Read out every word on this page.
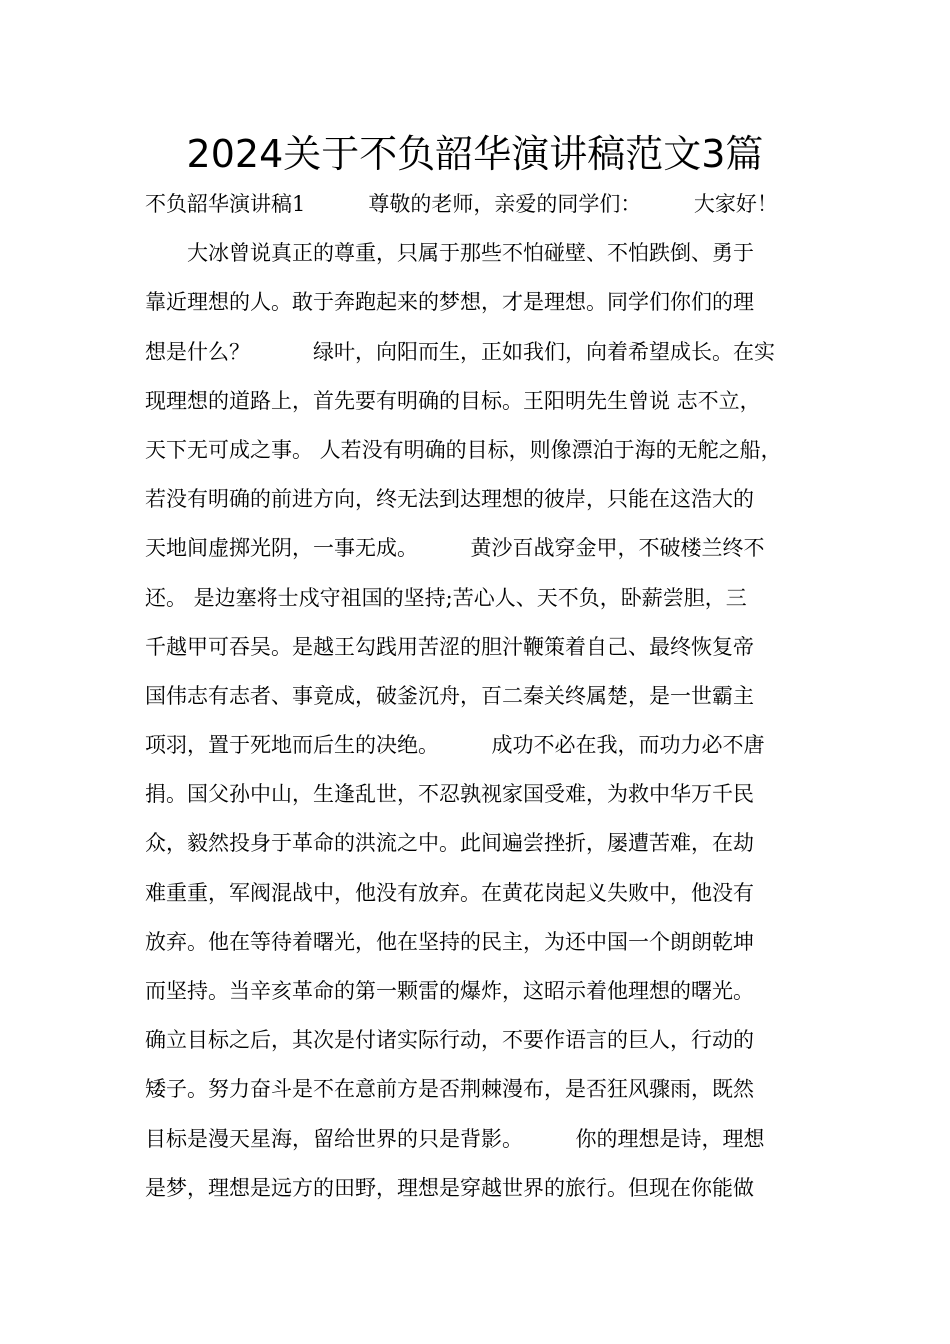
2024关于不负韶华演讲稿范文3篇
不负韶华演讲稿1　　　尊敬的老师，亲爱的同学们：　　　大家好！
　　大冰曾说真正的尊重，只属于那些不怕碰壁、不怕跌倒、勇于
靠近理想的人。敢于奔跑起来的梦想，才是理想。同学们你们的理
想是什么？　　　绿叶，向阳而生，正如我们，向着希望成长。在实
现理想的道路上，首先要有明确的目标。王阳明先生曾说 志不立，
天下无可成之事。 人若没有明确的目标，则像漂泊于海的无舵之船，
若没有明确的前进方向，终无法到达理想的彼岸，只能在这浩大的
天地间虚掷光阴，一事无成。　　　黄沙百战穿金甲，不破楼兰终不
还。 是边塞将士戍守祖国的坚持;苦心人、天不负，卧薪尝胆，三
千越甲可吞吴。是越王勾践用苦涩的胆汁鞭策着自己、最终恢复帝
国伟志有志者、事竟成，破釜沉舟，百二秦关终属楚，是一世霸主
项羽，置于死地而后生的决绝。　　　成功不必在我，而功力必不唐
捐。国父孙中山，生逢乱世，不忍孰视家国受难，为救中华万千民
众，毅然投身于革命的洪流之中。此间遍尝挫折，屡遭苦难，在劫
难重重，军阀混战中，他没有放弃。在黄花岗起义失败中，他没有
放弃。他在等待着曙光，他在坚持的民主，为还中国一个朗朗乾坤
而坚持。当辛亥革命的第一颗雷的爆炸，这昭示着他理想的曙光。
确立目标之后，其次是付诸实际行动，不要作语言的巨人，行动的
矮子。努力奋斗是不在意前方是否荆棘漫布，是否狂风骤雨，既然
目标是漫天星海，留给世界的只是背影。　　　你的理想是诗，理想
是梦，理想是远方的田野，理想是穿越世界的旅行。但现在你能做
